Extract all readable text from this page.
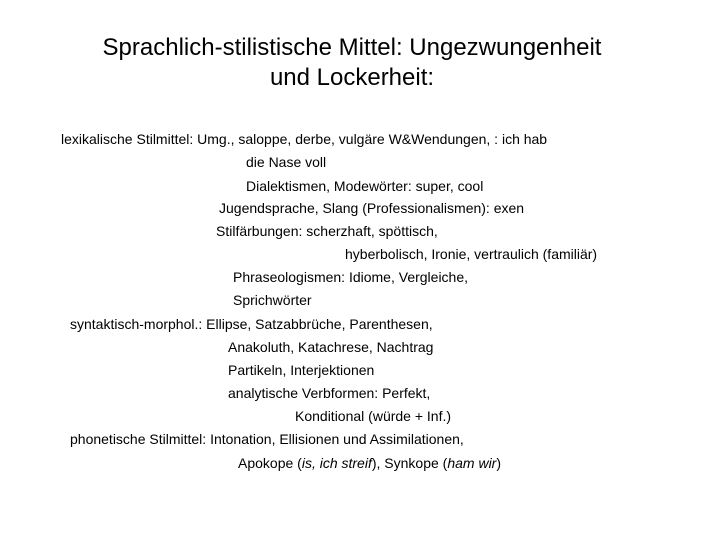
Sprachlich-stilistische Mittel: Ungezwungenheit
und Lockerheit:

lexikalische Stilmittel: Umg., saloppe, derbe, vulgäre W&Wendungen, : ich hab

die Nase voll

Dialektismen, Modewörter: super, cool

Jugendsprache, Slang (Professionalismen): exen

Stilfärbungen: scherzhaft, spöttisch,

hyberbolisch, Ironie, vertraulich (familiär)

Phraseologismen: Idiome, Vergleiche,

Sprichwörter

syntaktisch-morphol.: Ellipse, Satzabbrüche, Parenthesen,

Anakoluth, Katachrese, Nachtrag

Partikeln, Interjektionen

analytische Verbformen: Perfekt,

Konditional (würde + Inf.)

phonetische Stilmittel: Intonation, Ellisionen und Assimilationen,

Apokope (is, ich streif), Synkope (ham wir)
